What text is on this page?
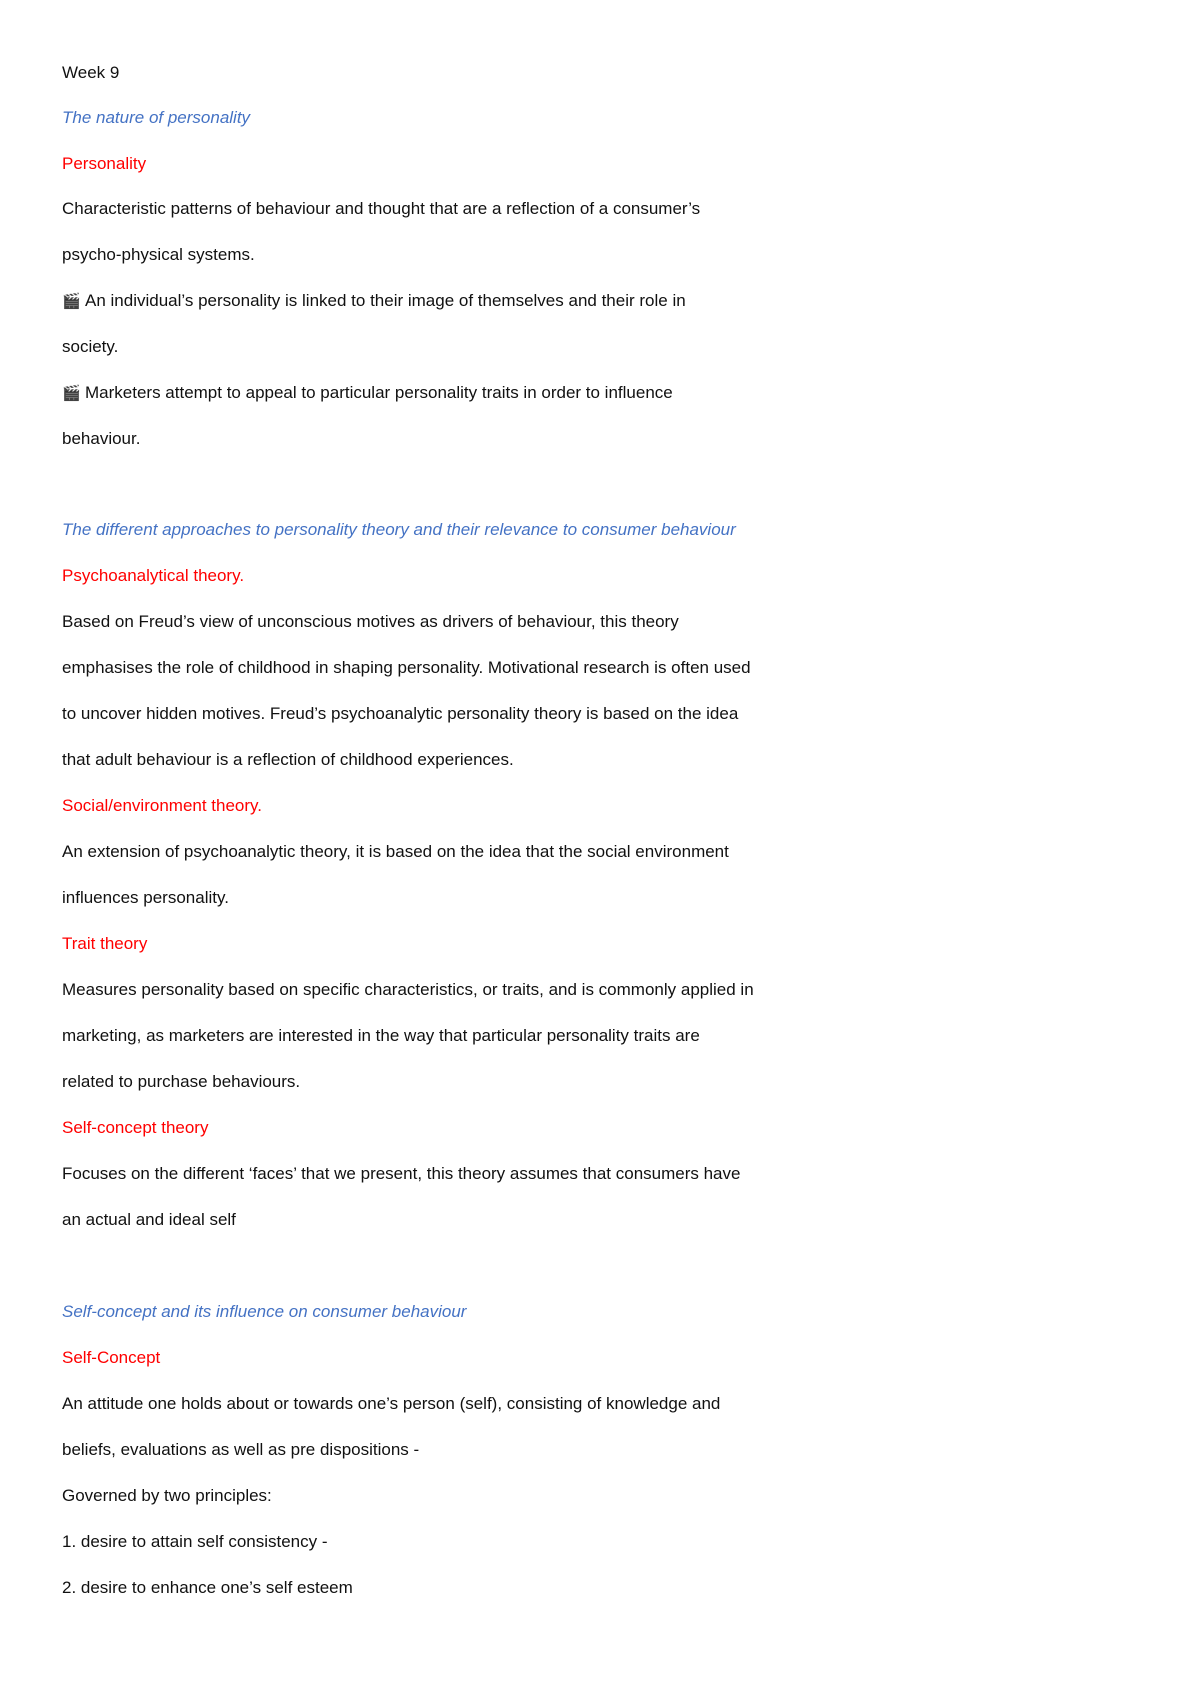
Week 9
The nature of personality
Personality
Characteristic patterns of behaviour and thought that are a reflection of a consumer’s
psycho-physical systems.
🎬 An individual’s personality is linked to their image of themselves and their role in
society.
🎬 Marketers attempt to appeal to particular personality traits in order to influence
behaviour.
The different approaches to personality theory and their relevance to consumer behaviour
Psychoanalytical theory.
Based on Freud’s view of unconscious motives as drivers of behaviour, this theory
emphasises the role of childhood in shaping personality. Motivational research is often used
to uncover hidden motives. Freud’s psychoanalytic personality theory is based on the idea
that adult behaviour is a reflection of childhood experiences.
Social/environment theory.
An extension of psychoanalytic theory, it is based on the idea that the social environment
influences personality.
Trait theory
Measures personality based on specific characteristics, or traits, and is commonly applied in
marketing, as marketers are interested in the way that particular personality traits are
related to purchase behaviours.
Self-concept theory
Focuses on the different ‘faces’ that we present, this theory assumes that consumers have
an actual and ideal self
Self-concept and its influence on consumer behaviour
Self-Concept
An attitude one holds about or towards one’s person (self), consisting of knowledge and
beliefs, evaluations as well as pre dispositions -
Governed by two principles:
1. desire to attain self consistency -
2. desire to enhance one’s self esteem
